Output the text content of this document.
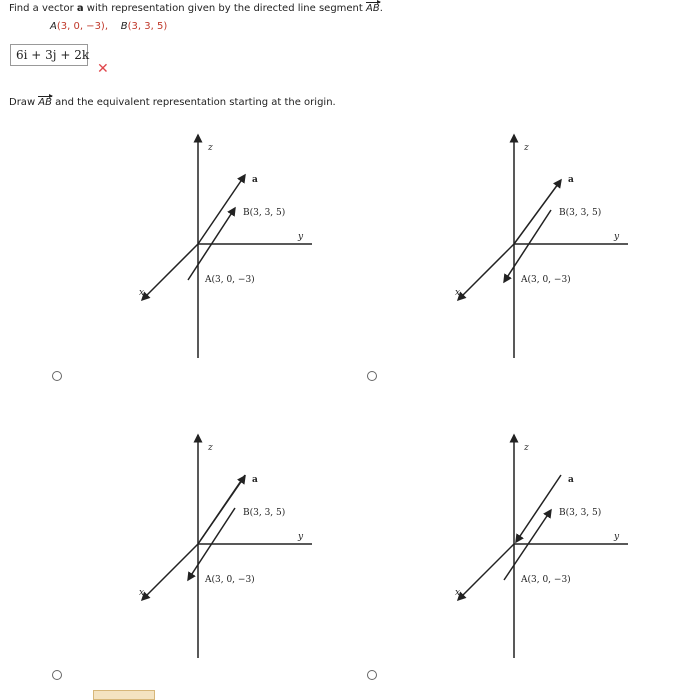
Find a vector a with representation given by the directed line segment AB.
A(3, 0, −3), B(3, 3, 5)
6i + 3j + 2k
✕
Draw AB and the equivalent representation starting at the origin.
z
y
x
a
B(3, 3, 5)
A(3, 0, −3)
z
y
x
a
B(3, 3, 5)
A(3, 0, −3)
z
y
x
a
B(3, 3, 5)
A(3, 0, −3)
z
y
x
a
B(3, 3, 5)
A(3, 0, −3)
